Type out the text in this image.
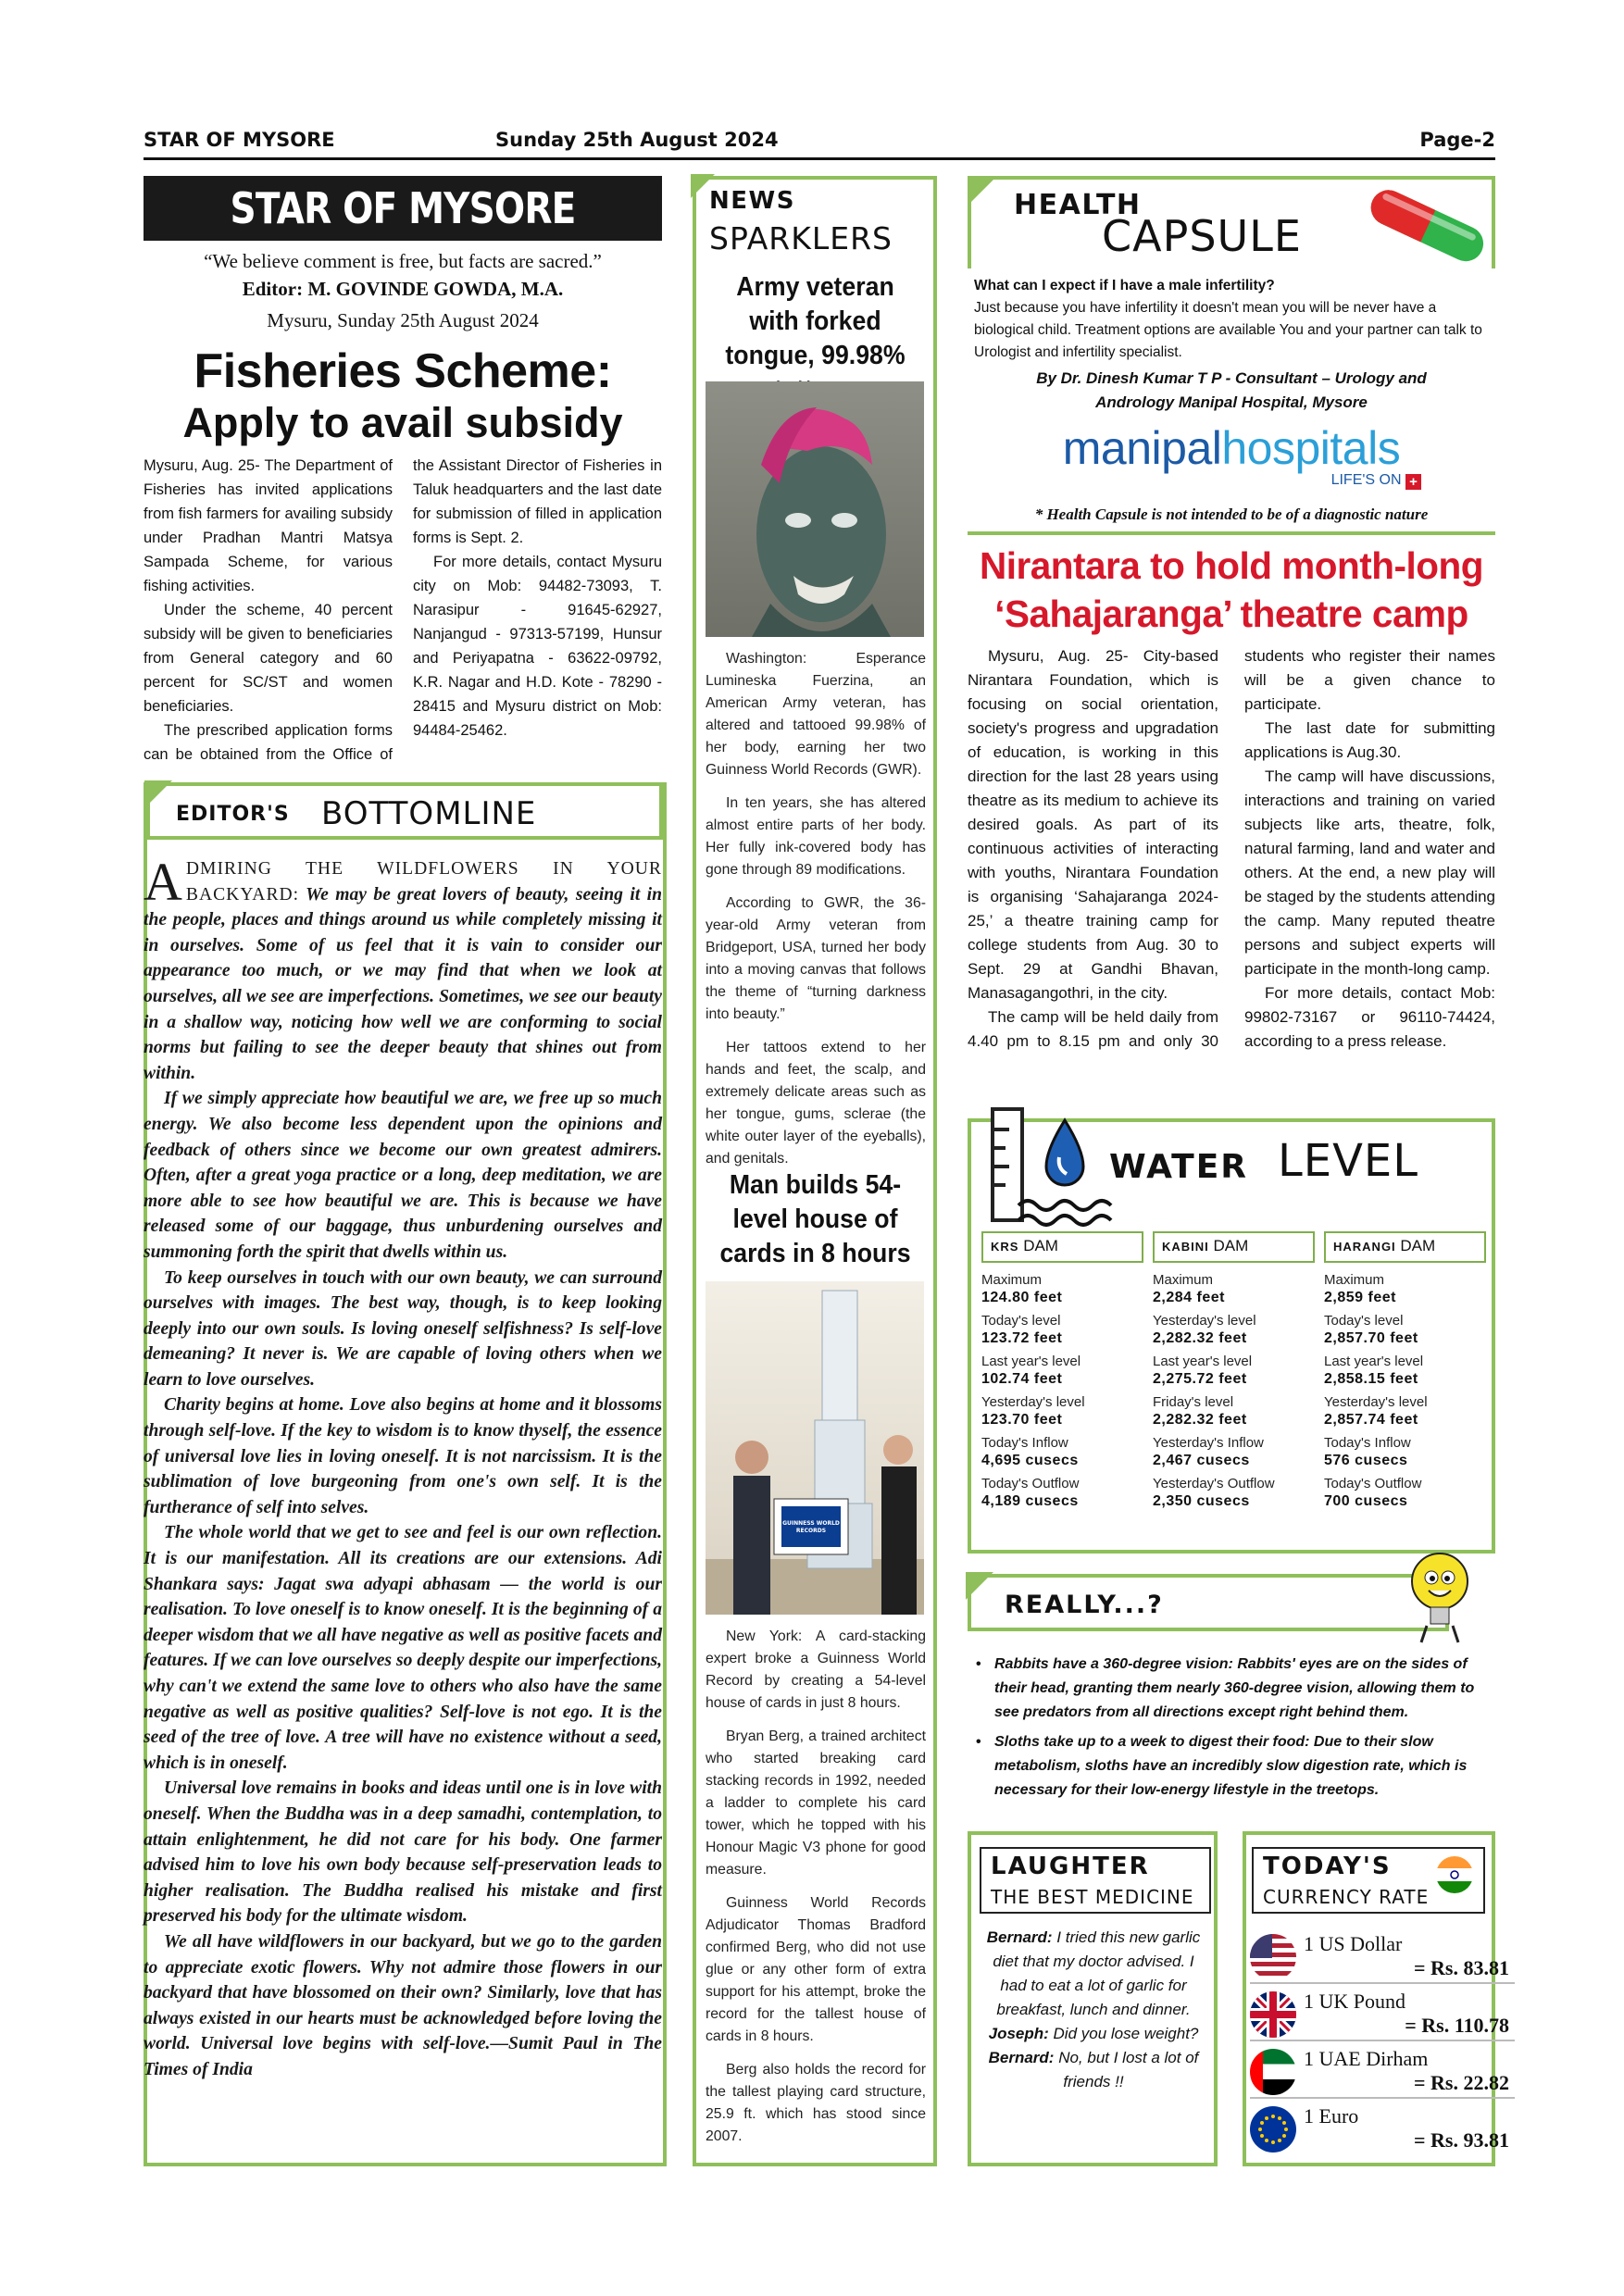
STAR OF MYSORE	Sunday 25th August 2024	Page-2
STAR OF MYSORE
“We believe comment is free, but facts are sacred.”
Editor: M. GOVINDE GOWDA, M.A.
Mysuru, Sunday 25th August 2024
Fisheries Scheme:
Apply to avail subsidy

Mysuru, Aug. 25- The Department of Fisheries has invited applications from fish farmers for availing subsidy under Pradhan Mantri Matsya Sampada Scheme, for various fishing activities.

Under the scheme, 40 percent subsidy will be given to beneficiaries from General category and 60 percent for SC/ST and women beneficiaries.

The prescribed application forms can be obtained from the Office of the Assistant Director of Fisheries in Taluk headquarters and the last date for submission of filled in application forms is Sept. 2.

For more details, contact Mysuru city on Mob: 94482-73093, T. Narasipur - 91645-62927, Nanjangud - 97313-57199, Hunsur and Periyapatna - 63622-09792, K.R. Nagar and H.D. Kote - 78290 - 28415 and Mysuru district on Mob: 94484-25462.

EDITOR'S BOTTOMLINE

ADMIRING THE WILDFLOWERS IN YOUR BACKYARD: We may be great lovers of beauty, seeing it in the people, places and things around us while completely missing it in ourselves. Some of us feel that it is vain to consider our appearance too much, or we may find that when we look at ourselves, all we see are imperfections. Sometimes, we see our beauty in a shallow way, noticing how well we are conforming to social norms but failing to see the deeper beauty that shines out from within.

If we simply appreciate how beautiful we are, we free up so much energy. We also become less dependent upon the opinions and feedback of others since we become our own greatest admirers. Often, after a great yoga practice or a long, deep meditation, we are more able to see how beautiful we are. This is because we have released some of our baggage, thus unburdening ourselves and summoning forth the spirit that dwells within us.

To keep ourselves in touch with our own beauty, we can surround ourselves with images. The best way, though, is to keep looking deeply into our own souls. Is loving oneself selfishness? Is self-love demeaning? It never is. We are capable of loving others when we learn to love ourselves.

Charity begins at home. Love also begins at home and it blossoms through self-love. If the key to wisdom is to know thyself, the essence of universal love lies in loving oneself. It is not narcissism. It is the sublimation of love burgeoning from one's own self. It is the furtherance of self into selves.

The whole world that we get to see and feel is our own reflection. It is our manifestation. All its creations are our extensions. Adi Shankara says: Jagat swa adyapi abhasam — the world is our realisation. To love oneself is to know oneself. It is the beginning of a deeper wisdom that we all have negative as well as positive facets and features. If we can love ourselves so deeply despite our imperfections, why can't we extend the same love to others who also have the same negative as well as positive qualities? Self-love is not ego. It is the seed of the tree of love. A tree will have no existence without a seed, which is in oneself.

Universal love remains in books and ideas until one is in love with oneself. When the Buddha was in a deep samadhi, contemplation, to attain enlightenment, he did not care for his body. One farmer advised him to love his own body because self-preservation leads to higher realisation. The Buddha realised his mistake and first preserved his body for the ultimate wisdom.

We all have wildflowers in our backyard, but we go to the garden to appreciate exotic flowers. Why not admire those flowers in our backyard that have blossomed on their own? Similarly, love that has always existed in our hearts must be acknowledged before loving the world. Universal love begins with self-love.—Sumit Paul in The Times of India

NEWS
SPARKLERS
Army veteran with forked tongue, 99.98%

Washington: Esperance Lumineska Fuerzina, an American Army veteran, has altered and tattooed 99.98% of her body, earning her two Guinness World Records (GWR).

In ten years, she has altered almost entire parts of her body. Her fully ink-covered body has gone through 89 modifications.

According to GWR, the 36-year-old Army veteran from Bridgeport, USA, turned her body into a moving canvas that follows the theme of “turning darkness into beauty.”

Her tattoos extend to her hands and feet, the scalp, and extremely delicate areas such as her tongue, gums, sclerae (the white outer layer of the eyeballs), and genitals.

Man builds 54-level house of cards in 8 hours
GUINNESS WORLD RECORDS

New York: A card-stacking expert broke a Guinness World Record by creating a 54-level house of cards in just 8 hours.

Bryan Berg, a trained architect who started breaking card stacking records in 1992, needed a ladder to complete his card tower, which he topped with his Honour Magic V3 phone for good measure.

Guinness World Records Adjudicator Thomas Bradford confirmed Berg, who did not use glue or any other form of extra support for his attempt, broke the record for the tallest house of cards in 8 hours.

Berg also holds the record for the tallest playing card structure, 25.9 ft. which has stood since 2007.

HEALTH
CAPSULE
What can I expect if I have a male infertility?
Just because you have infertility it doesn't mean you will be never have a biological child. Treatment options are available You and your partner can talk to Urologist and infertility specialist.
By Dr. Dinesh Kumar T P - Consultant – Urology and Andrology Manipal Hospital, Mysore
manipalhospitals
LIFE'S ON +
* Health Capsule is not intended to be of a diagnostic nature
Nirantara to hold month-long ‘Sahajaranga’ theatre camp

Mysuru, Aug. 25- City-based Nirantara Foundation, which is focusing on social orientation, society's progress and upgradation of education, is working in this direction for the last 28 years using theatre as its medium to achieve its desired goals. As part of its continuous activities of interacting with youths, Nirantara Foundation is organising ‘Sahajaranga 2024-25,’ a theatre training camp for college students from Aug. 30 to Sept. 29 at Gandhi Bhavan, Manasagangothri, in the city.

The camp will be held daily from 4.40 pm to 8.15 pm and only 30 students who register their names will be a given chance to participate.

The last date for submitting applications is Aug.30.

The camp will have discussions, interactions and training on varied subjects like arts, theatre, folk, natural farming, land and water and others. At the end, a new play will be staged by the students attending the camp. Many reputed theatre persons and subject experts will participate in the month-long camp.

For more details, contact Mob: 99802-73167 or 96110-74424, according to a press release.

WATER LEVEL
KRS DAM
Maximum
124.80 feet
Today's level
123.72 feet
Last year's level
102.74 feet
Yesterday's level
123.70 feet
Today's Inflow
4,695 cusecs
Today's Outflow
4,189 cusecs
KABINI DAM
Maximum
2,284 feet
Yesterday's level
2,282.32 feet
Last year's level
2,275.72 feet
Friday's level
2,282.32 feet
Yesterday's Inflow
2,467 cusecs
Yesterday's Outflow
2,350 cusecs
HARANGI DAM
Maximum
2,859 feet
Today's level
2,857.70 feet
Last year's level
2,858.15 feet
Yesterday's level
2,857.74 feet
Today's Inflow
576 cusecs
Today's Outflow
700 cusecs
REALLY...?
• Rabbits have a 360-degree vision: Rabbits' eyes are on the sides of their head, granting them nearly 360-degree vision, allowing them to see predators from all directions except right behind them.
• Sloths take up to a week to digest their food: Due to their slow metabolism, sloths have an incredibly slow digestion rate, which is necessary for their low-energy lifestyle in the treetops.
LAUGHTER
THE BEST MEDICINE
Bernard: I tried this new garlic diet that my doctor advised. I had to eat a lot of garlic for breakfast, lunch and dinner.
Joseph: Did you lose weight?
Bernard: No, but I lost a lot of friends !!
TODAY'S
CURRENCY RATE
1 US Dollar
= Rs. 83.81
1 UK Pound
= Rs. 110.78
1 UAE Dirham
= Rs. 22.82
1 Euro
= Rs. 93.81
